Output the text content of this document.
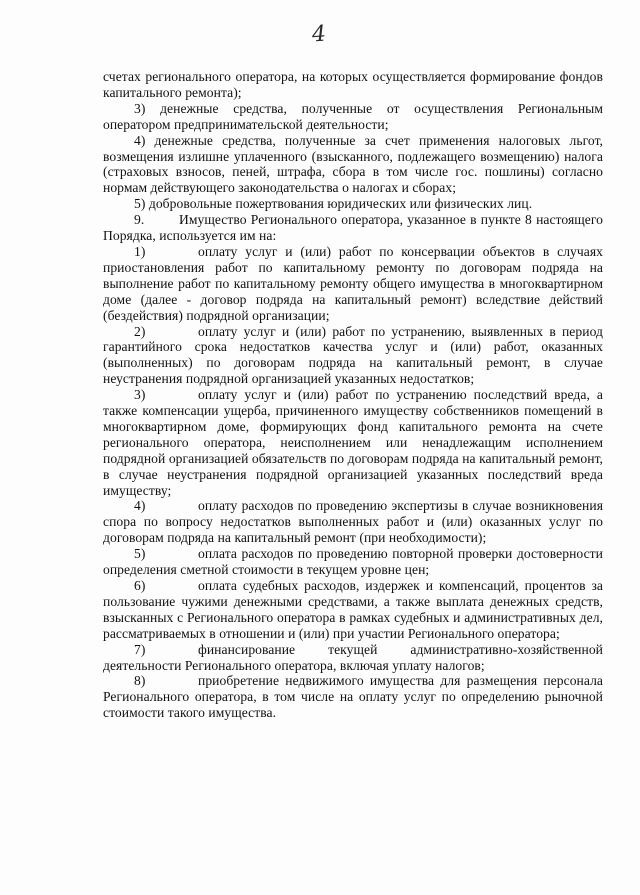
4

счетах регионального оператора, на которых осуществляется формирование фондов капитального ремонта);

3) денежные средства, полученные от осуществления Региональным оператором предпринимательской деятельности;

4) денежные средства, полученные за счет применения налоговых льгот, возмещения излишне уплаченного (взысканного, подлежащего возмещению) налога (страховых взносов, пеней, штрафа, сбора в том числе гос. пошлины) согласно нормам действующего законодательства о налогах и сборах;

5) добровольные пожертвования юридических или физических лиц.

9.	Имущество Регионального оператора, указанное в пункте 8 настоящего Порядка, используется им на:

1)	оплату услуг и (или) работ по консервации объектов в случаях приостановления работ по капитальному ремонту по договорам подряда на выполнение работ по капитальному ремонту общего имущества в многоквартирном доме (далее - договор подряда на капитальный ремонт) вследствие действий (бездействия) подрядной организации;

2)	оплату услуг и (или) работ по устранению, выявленных в период гарантийного срока недостатков качества услуг и (или) работ, оказанных (выполненных) по договорам подряда на капитальный ремонт, в случае неустранения подрядной организацией указанных недостатков;

3)	оплату услуг и (или) работ по устранению последствий вреда, а также компенсации ущерба, причиненного имуществу собственников помещений в многоквартирном доме, формирующих фонд капитального ремонта на счете регионального оператора, неисполнением или ненадлежащим исполнением подрядной организацией обязательств по договорам подряда на капитальный ремонт, в случае неустранения подрядной организацией указанных последствий вреда имуществу;

4)	оплату расходов по проведению экспертизы в случае возникновения спора по вопросу недостатков выполненных работ и (или) оказанных услуг по договорам подряда на капитальный ремонт (при необходимости);

5)	оплата расходов по проведению повторной проверки достоверности определения сметной стоимости в текущем уровне цен;

6)	оплата судебных расходов, издержек и компенсаций, процентов за пользование чужими денежными средствами, а также выплата денежных средств, взысканных с Регионального оператора в рамках судебных и административных дел, рассматриваемых в отношении и (или) при участии Регионального оператора;

7)	финансирование текущей административно-хозяйственной деятельности Регионального оператора, включая уплату налогов;

8)	приобретение недвижимого имущества для размещения персонала Регионального оператора, в том числе на оплату услуг по определению рыночной стоимости такого имущества.
